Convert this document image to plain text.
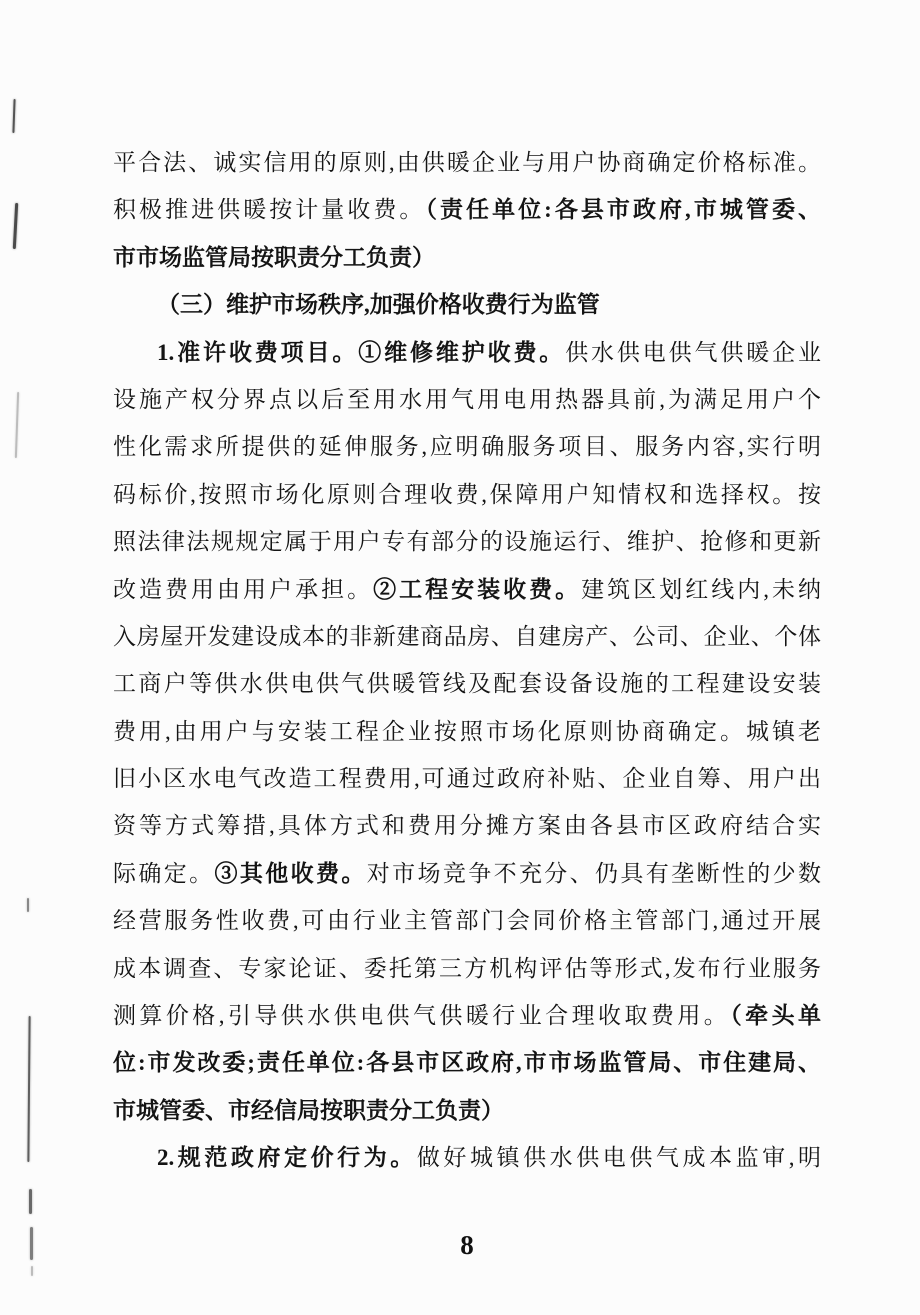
平合法、诚实信用的原则,由供暖企业与用户协商确定价格标准。
积极推进供暖按计量收费。（责任单位:各县市政府,市城管委、
市市场监管局按职责分工负责）
（三）维护市场秩序,加强价格收费行为监管
1.准许收费项目。①维修维护收费。供水供电供气供暖企业
设施产权分界点以后至用水用气用电用热器具前,为满足用户个
性化需求所提供的延伸服务,应明确服务项目、服务内容,实行明
码标价,按照市场化原则合理收费,保障用户知情权和选择权。按
照法律法规规定属于用户专有部分的设施运行、维护、抢修和更新
改造费用由用户承担。②工程安装收费。建筑区划红线内,未纳
入房屋开发建设成本的非新建商品房、自建房产、公司、企业、个体
工商户等供水供电供气供暖管线及配套设备设施的工程建设安装
费用,由用户与安装工程企业按照市场化原则协商确定。城镇老
旧小区水电气改造工程费用,可通过政府补贴、企业自筹、用户出
资等方式筹措,具体方式和费用分摊方案由各县市区政府结合实
际确定。③其他收费。对市场竞争不充分、仍具有垄断性的少数
经营服务性收费,可由行业主管部门会同价格主管部门,通过开展
成本调查、专家论证、委托第三方机构评估等形式,发布行业服务
测算价格,引导供水供电供气供暖行业合理收取费用。（牵头单
位:市发改委;责任单位:各县市区政府,市市场监管局、市住建局、
市城管委、市经信局按职责分工负责）
2.规范政府定价行为。做好城镇供水供电供气成本监审,明
8
